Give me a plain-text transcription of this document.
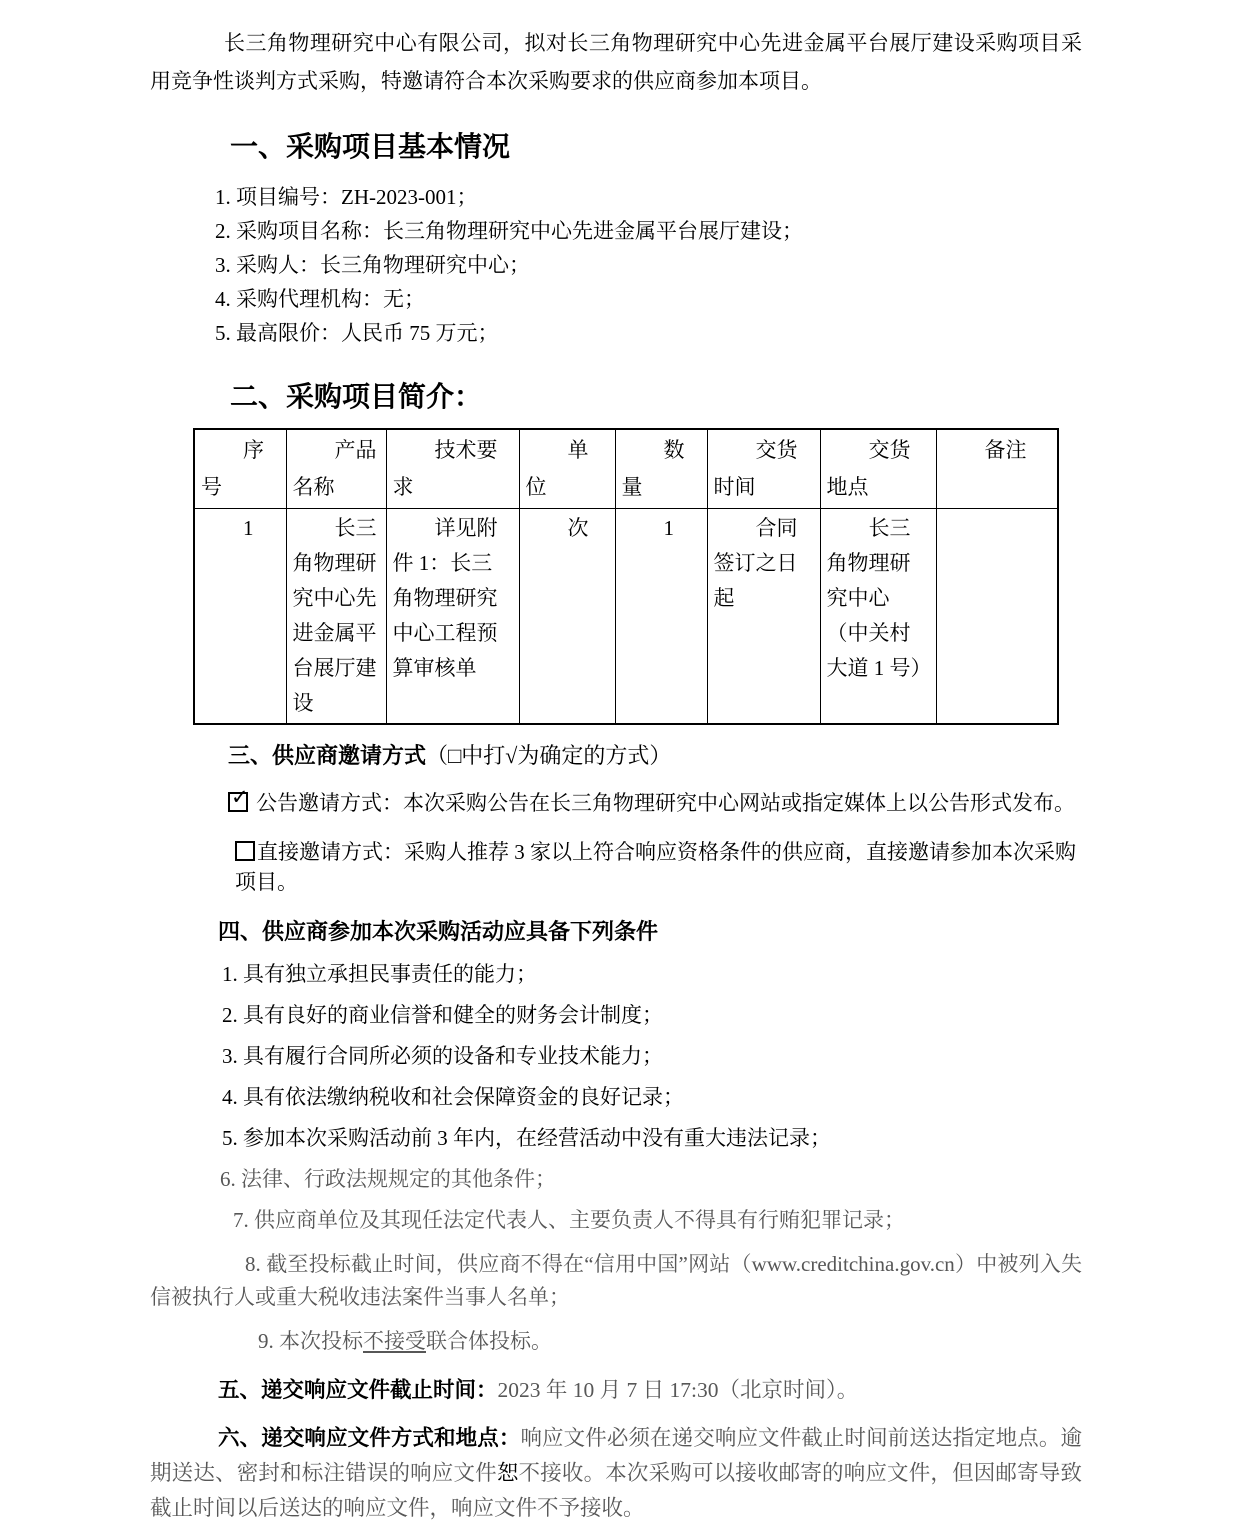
长三角物理研究中心有限公司，拟对长三角物理研究中心先进金属平台展厅建设采购项目采用竞争性谈判方式采购，特邀请符合本次采购要求的供应商参加本项目。

一、采购项目基本情况

1. 项目编号：ZH-2023-001；

2. 采购项目名称：长三角物理研究中心先进金属平台展厅建设；

3. 采购人：长三角物理研究中心；

4. 采购代理机构：无；

5. 最高限价：人民币 75 万元；

二、采购项目简介：
序号	产品名称	技术要求	单位	数量	交货时间	交货地点	备注
1	长三角物理研究中心先进金属平台展厅建设	详见附件 1：长三角物理研究中心工程预算审核单	次	1	合同签订之日起	长三角物理研究中心（中关村大道 1 号）	

三、供应商邀请方式（□中打√为确定的方式）

✓ 公告邀请方式：本次采购公告在长三角物理研究中心网站或指定媒体上以公告形式发布。

直接邀请方式：采购人推荐 3 家以上符合响应资格条件的供应商，直接邀请参加本次采购项目。

四、供应商参加本次采购活动应具备下列条件

1. 具有独立承担民事责任的能力；

2. 具有良好的商业信誉和健全的财务会计制度；

3. 具有履行合同所必须的设备和专业技术能力；

4. 具有依法缴纳税收和社会保障资金的良好记录；

5. 参加本次采购活动前 3 年内，在经营活动中没有重大违法记录；

6. 法律、行政法规规定的其他条件；

7. 供应商单位及其现任法定代表人、主要负责人不得具有行贿犯罪记录；

8. 截至投标截止时间，供应商不得在“信用中国”网站（www.creditchina.gov.cn）中被列入失信被执行人或重大税收违法案件当事人名单；

9. 本次投标不接受联合体投标。

五、递交响应文件截止时间：2023 年 10 月 7 日 17:30（北京时间）。

六、递交响应文件方式和地点：响应文件必须在递交响应文件截止时间前送达指定地点。逾期送达、密封和标注错误的响应文件恕不接收。本次采购可以接收邮寄的响应文件，但因邮寄导致截止时间以后送达的响应文件，响应文件不予接收。
